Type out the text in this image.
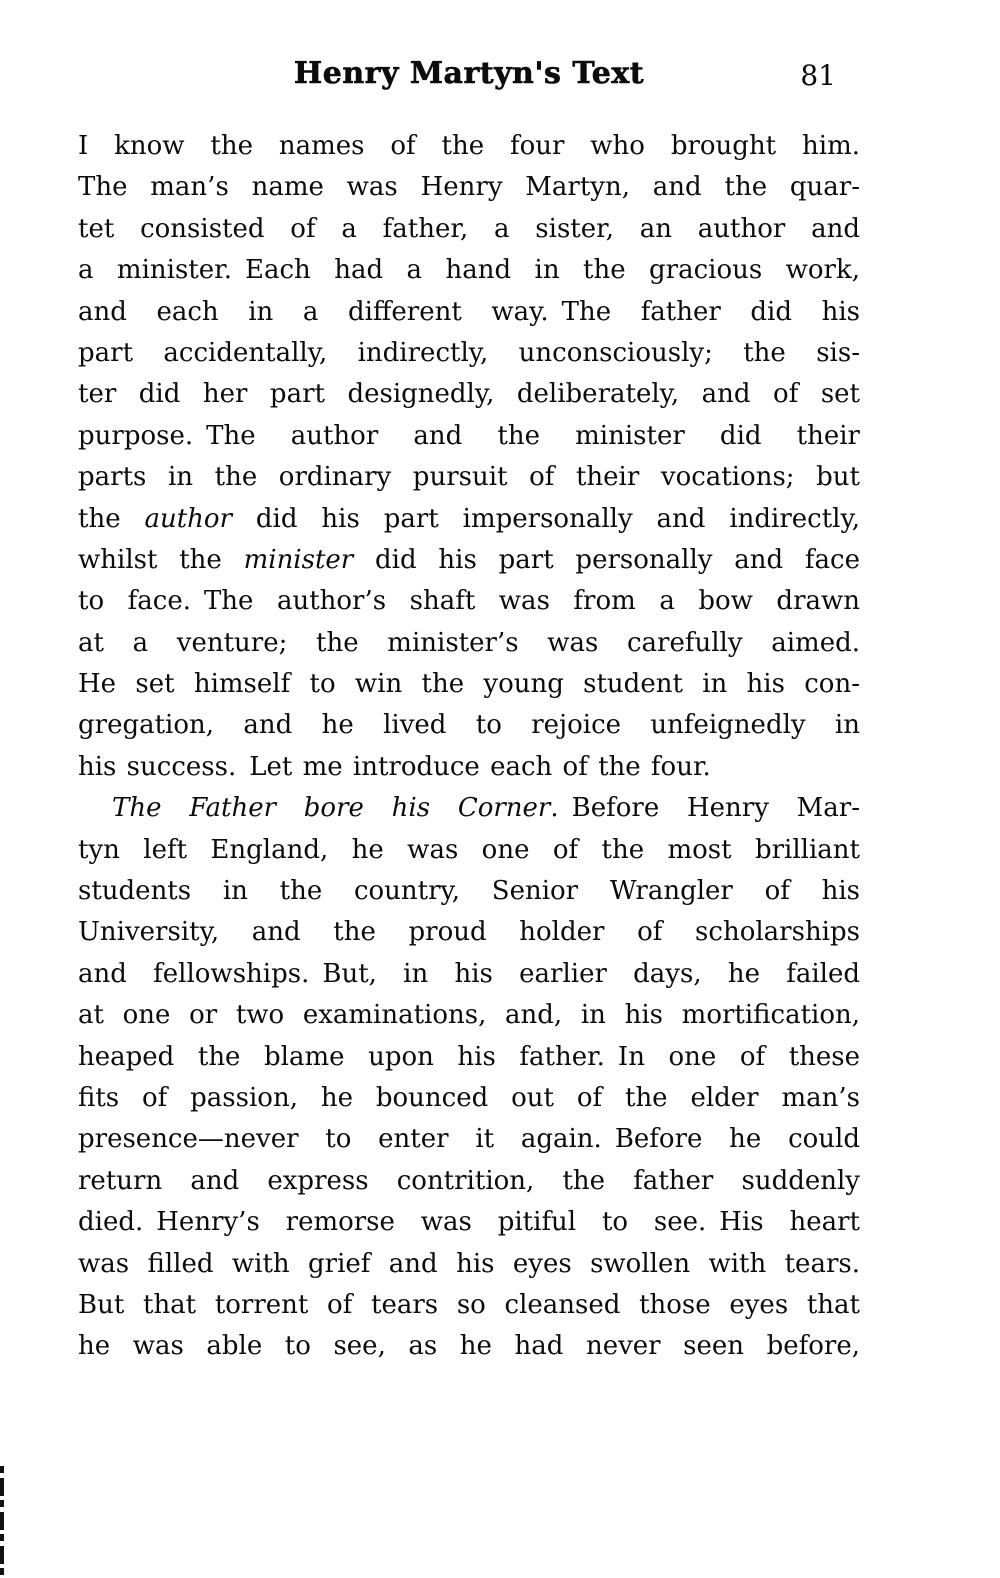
Henry Martyn's Text	81
I know the names of the four who brought him.
The man’s name was Henry Martyn, and the quar-
tet consisted of a father, a sister, an author and
a minister. Each had a hand in the gracious work,
and each in a different way. The father did his
part accidentally, indirectly, unconsciously; the sis-
ter did her part designedly, deliberately, and of set
purpose. The author and the minister did their
parts in the ordinary pursuit of their vocations; but
the author did his part impersonally and indirectly,
whilst the minister did his part personally and face
to face. The author’s shaft was from a bow drawn
at a venture; the minister’s was carefully aimed.
He set himself to win the young student in his con-
gregation, and he lived to rejoice unfeignedly in
his success. Let me introduce each of the four.
The Father bore his Corner. Before Henry Mar-
tyn left England, he was one of the most brilliant
students in the country, Senior Wrangler of his
University, and the proud holder of scholarships
and fellowships. But, in his earlier days, he failed
at one or two examinations, and, in his mortification,
heaped the blame upon his father. In one of these
fits of passion, he bounced out of the elder man’s
presence—never to enter it again. Before he could
return and express contrition, the father suddenly
died. Henry’s remorse was pitiful to see. His heart
was filled with grief and his eyes swollen with tears.
But that torrent of tears so cleansed those eyes that
he was able to see, as he had never seen before,
